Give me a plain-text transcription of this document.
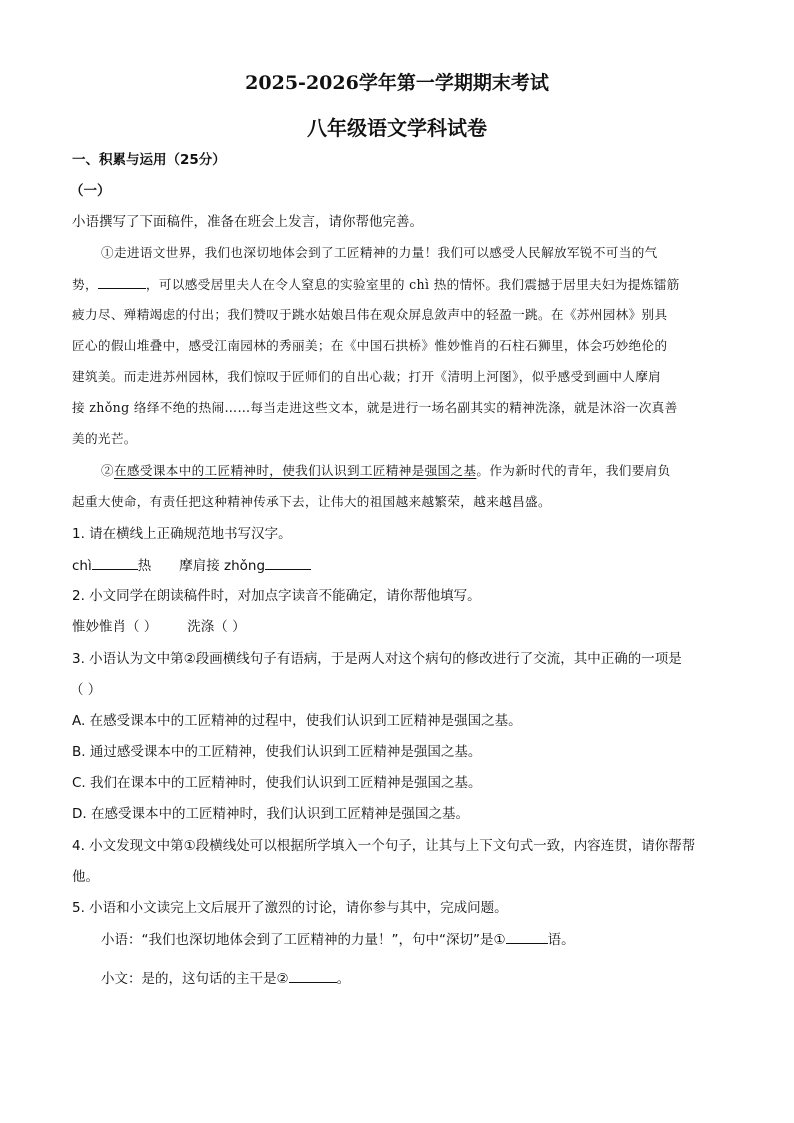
2025-2026学年第一学期期末考试
八年级语文学科试卷
一、积累与运用（25分）
（一）
小语撰写了下面稿件，准备在班会上发言，请你帮他完善。
①走进语文世界，我们也深切地体会到了工匠精神的力量！我们可以感受人民解放军锐不可当的气
势，	，可以感受居里夫人在令人窒息的实验室里的 chì 热的情怀。我们震撼于居里夫妇为提炼镭筋
疲力尽、殚精竭虑的付出；我们赞叹于跳水姑娘吕伟在观众屏息敛声中的轻盈一跳。在《苏州园林》别具
匠心的假山堆叠中，感受江南园林的秀丽美；在《中国石拱桥》惟妙惟肖的石柱石狮里，体会巧妙绝伦的
建筑美。而走进苏州园林，我们惊叹于匠师们的自出心裁；打开《清明上河图》，似乎感受到画中人摩肩
接 zhǒng 络绎不绝的热闹……每当走进这些文本，就是进行一场名副其实的精神洗涤，就是沐浴一次真善
美的光芒。
②在感受课本中的工匠精神时，使我们认识到工匠精神是强国之基。作为新时代的青年，我们要肩负
起重大使命，有责任把这种精神传承下去，让伟大的祖国越来越繁荣，越来越昌盛。
1. 请在横线上正确规范地书写汉字。
chì	热 摩肩接 zhǒng
2. 小文同学在朗读稿件时，对加点字读音不能确定，请你帮他填写。
惟妙惟肖（ ） 洗涤（ ）
3. 小语认为文中第②段画横线句子有语病，于是两人对这个病句的修改进行了交流，其中正确的一项是
（ ）
A. 在感受课本中的工匠精神的过程中，使我们认识到工匠精神是强国之基。
B. 通过感受课本中的工匠精神，使我们认识到工匠精神是强国之基。
C. 我们在课本中的工匠精神时，使我们认识到工匠精神是强国之基。
D. 在感受课本中的工匠精神时，我们认识到工匠精神是强国之基。
4. 小文发现文中第①段横线处可以根据所学填入一个句子，让其与上下文句式一致，内容连贯，请你帮帮
他。
5. 小语和小文读完上文后展开了激烈的讨论，请你参与其中，完成问题。
小语：“我们也深切地体会到了工匠精神的力量！”，句中“深切”是①	语。
小文：是的，这句话的主干是②	。
